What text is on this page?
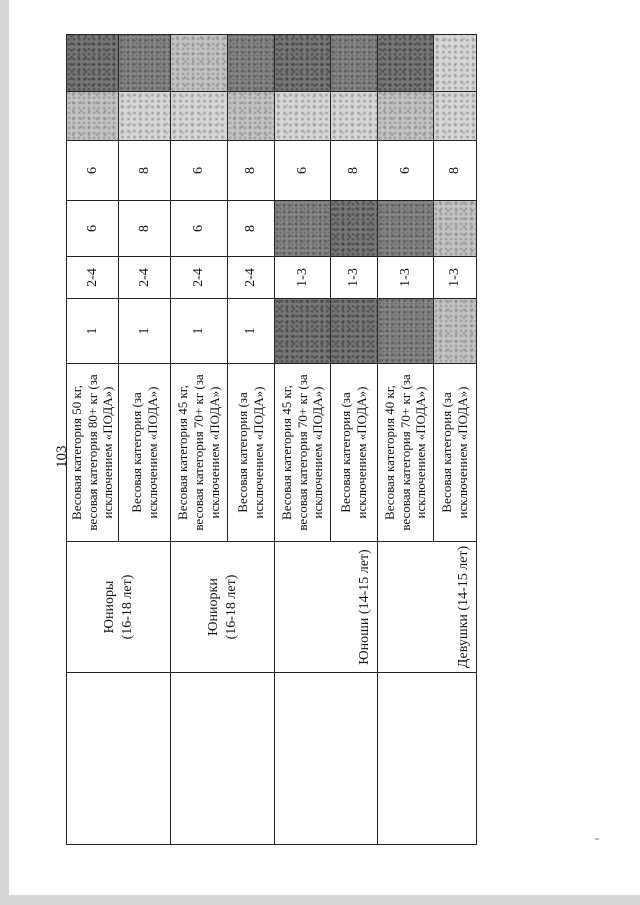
103
	Юниоры (16-18 лет)	Весовая категория 50 кг, весовая категория 80+ кг (за исключением «ПОДА»)	1	2-4	6	6		
		Весовая категория (за исключением «ПОДА»)	1	2-4	8	8		
	Юниорки (16-18 лет)	Весовая категория 45 кг, весовая категория 70+ кг (за исключением «ПОДА»)	1	2-4	6	6		
		Весовая категория (за исключением «ПОДА»)	1	2-4	8	8		
	Юноши (14-15 лет)	Весовая категория 45 кг, весовая категория 70+ кг (за исключением «ПОДА»)		1-3		6		
		Весовая категория (за исключением «ПОДА»)		1-3		8		
	Девушки (14-15 лет)	Весовая категория 40 кг, весовая категория 70+ кг (за исключением «ПОДА»)		1-3		6		
		Весовая категория (за исключением «ПОДА»)		1-3		8		
